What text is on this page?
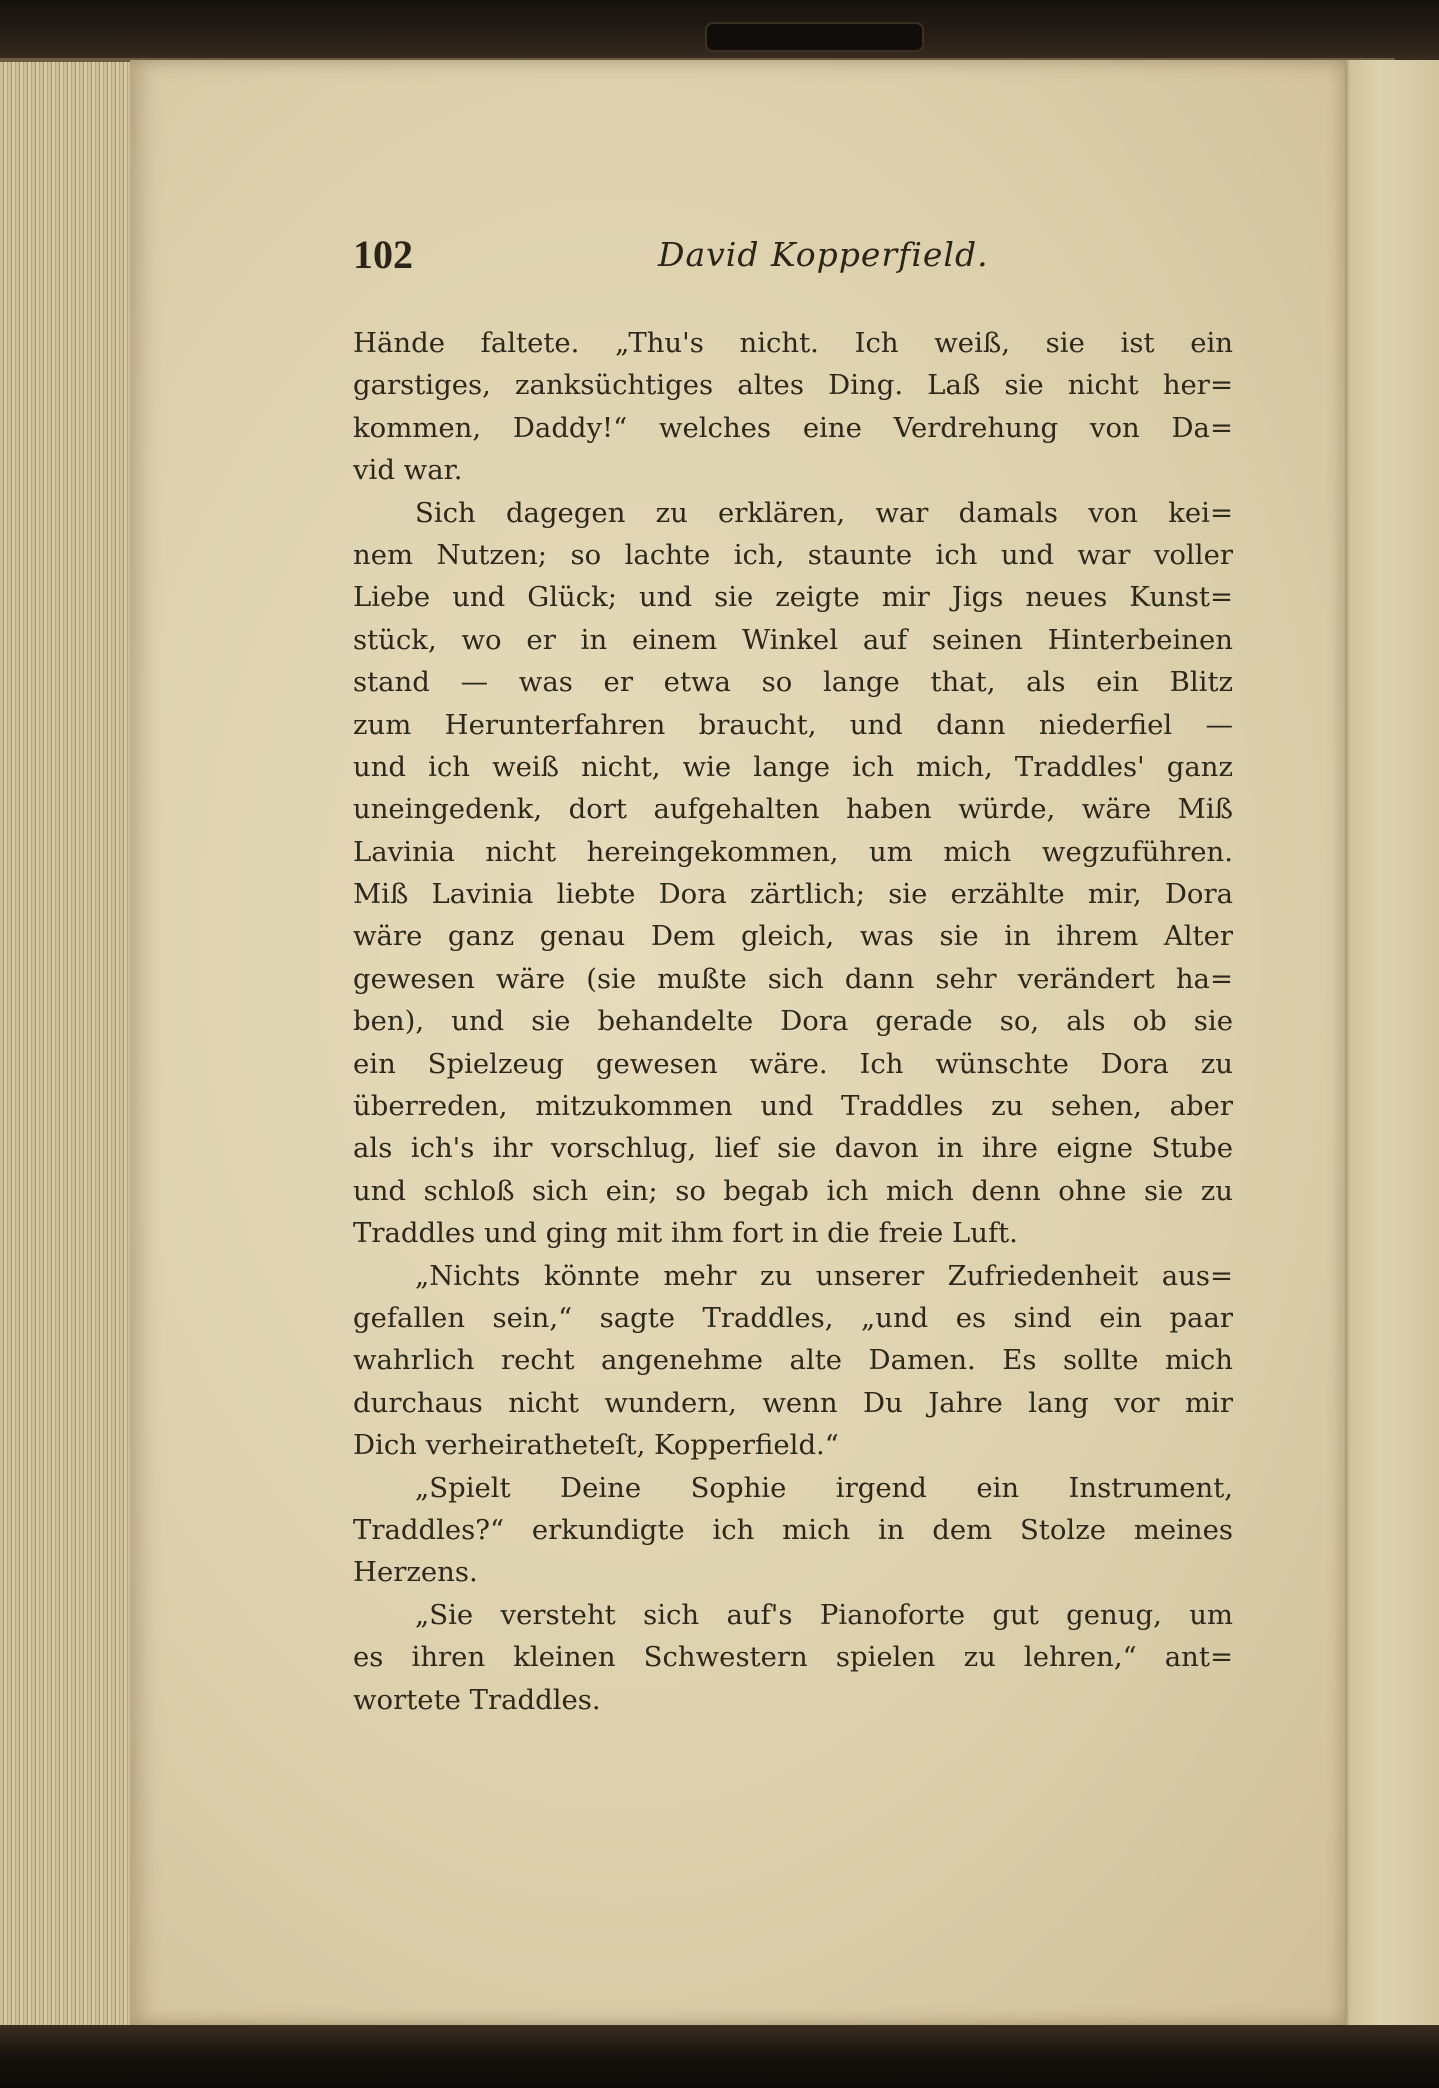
102	David Kopperfield.
Hände faltete. „Thu's nicht. Ich weiß, sie ist ein
garstiges, zanksüchtiges altes Ding. Laß sie nicht her=
kommen, Daddy!“ welches eine Verdrehung von Da=
vid war.
Sich dagegen zu erklären, war damals von kei=
nem Nutzen; so lachte ich, staunte ich und war voller
Liebe und Glück; und sie zeigte mir Jigs neues Kunst=
stück, wo er in einem Winkel auf seinen Hinterbeinen
stand — was er etwa so lange that, als ein Blitz
zum Herunterfahren braucht, und dann niederfiel —
und ich weiß nicht, wie lange ich mich, Traddles' ganz
uneingedenk, dort aufgehalten haben würde, wäre Miß
Lavinia nicht hereingekommen, um mich wegzuführen.
Miß Lavinia liebte Dora zärtlich; sie erzählte mir, Dora
wäre ganz genau Dem gleich, was sie in ihrem Alter
gewesen wäre (sie mußte sich dann sehr verändert ha=
ben), und sie behandelte Dora gerade so, als ob sie
ein Spielzeug gewesen wäre. Ich wünschte Dora zu
überreden, mitzukommen und Traddles zu sehen, aber
als ich's ihr vorschlug, lief sie davon in ihre eigne Stube
und schloß sich ein; so begab ich mich denn ohne sie zu
Traddles und ging mit ihm fort in die freie Luft.
„Nichts könnte mehr zu unserer Zufriedenheit aus=
gefallen sein,“ sagte Traddles, „und es sind ein paar
wahrlich recht angenehme alte Damen. Es sollte mich
durchaus nicht wundern, wenn Du Jahre lang vor mir
Dich verheiratheteſt, Kopperfield.“
„Spielt Deine Sophie irgend ein Instrument,
Traddles?“ erkundigte ich mich in dem Stolze meines
Herzens.
„Sie versteht sich auf's Pianoforte gut genug, um
es ihren kleinen Schwestern spielen zu lehren,“ ant=
wortete Traddles.
